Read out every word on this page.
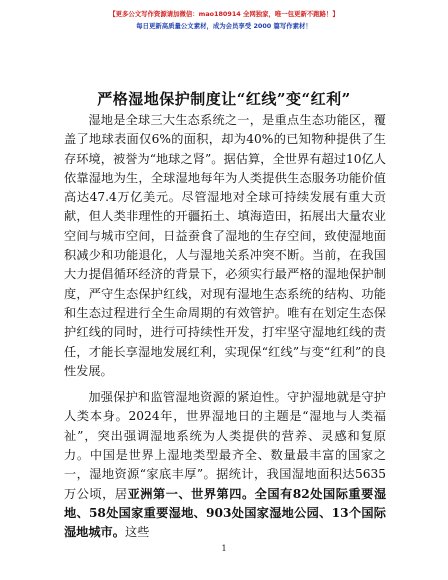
【更多公文写作资源请加微信：mao180914 全网独家，唯一包更新不跑路！】
每日更新高质量公文素材，成为会员享受 2000 篇写作素材！
严格湿地保护制度让“红线”变“红利”

湿地是全球三大生态系统之一，是重点生态功能区，覆盖了地球表面仅6%的面积，却为40%的已知物种提供了生存环境，被誉为“地球之肾”。据估算，全世界有超过10亿人依靠湿地为生，全球湿地每年为人类提供生态服务功能价值高达47.4万亿美元。尽管湿地对全球可持续发展有重大贡献，但人类非理性的开疆拓土、填海造田，拓展出大量农业空间与城市空间，日益蚕食了湿地的生存空间，致使湿地面积减少和功能退化，人与湿地关系冲突不断。当前，在我国大力提倡循环经济的背景下，必须实行最严格的湿地保护制度，严守生态保护红线，对现有湿地生态系统的结构、功能和生态过程进行全生命周期的有效管护。唯有在划定生态保护红线的同时，进行可持续性开发，打牢坚守湿地红线的责任，才能长享湿地发展红利，实现保“红线”与变“红利”的良性发展。

加强保护和监管湿地资源的紧迫性。守护湿地就是守护人类本身。2024年，世界湿地日的主题是“湿地与人类福祉”，突出强调湿地系统为人类提供的营养、灵感和复原力。中国是世界上湿地类型最齐全、数量最丰富的国家之一，湿地资源“家底丰厚”。据统计，我国湿地面积达5635万公顷，居亚洲第一、世界第四。全国有82处国际重要湿地、58处国家重要湿地、903处国家湿地公园、13个国际湿地城市。这些

1
